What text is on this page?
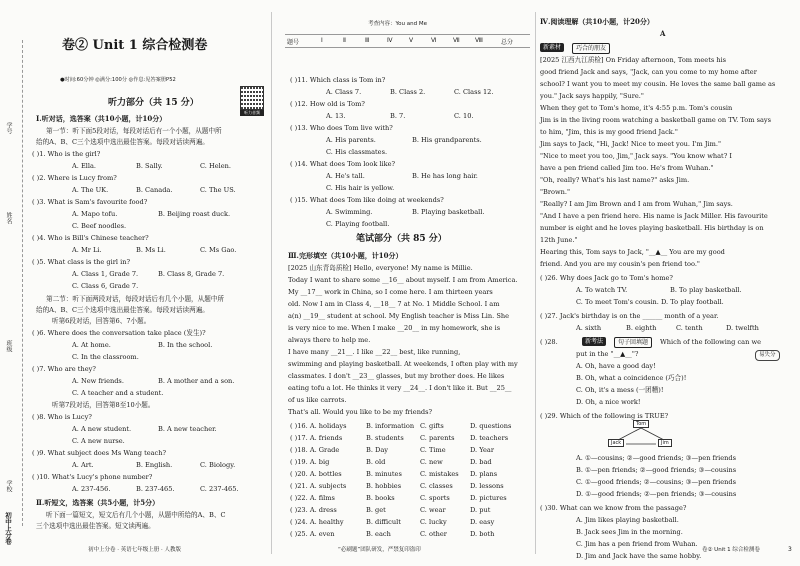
学号
姓名
班级
学校
初中上分卷
卷② Unit 1 综合检测卷
●时间:60分钟 ◎满分:100分 ◎作息:见答案册P52
听力音频
听力部分（共 15 分）
Ⅰ.听对话，选答案（共10小题，计10分）
第一节：听下面5段对话，每段对话后有一个小题，从题中所
给的A、B、C三个选项中选出最佳答案。每段对话读两遍。
( )1. Who is the girl?
A. Ella.	B. Sally.	C. Helen.
( )2. Where is Lucy from?
A. The UK.	B. Canada.	C. The US.
( )3. What is Sam's favourite food?
A. Mapo tofu.	B. Beijing roast duck.
C. Beef noodles.
( )4. Who is Bill's Chinese teacher?
A. Mr Li.	B. Ms Li.	C. Ms Gao.
( )5. What class is the girl in?
A. Class 1, Grade 7.	B. Class 8, Grade 7.
C. Class 6, Grade 7.
第二节：听下面两段对话，每段对话后有几个小题，从题中所
给的A、B、C三个选项中选出最佳答案。每段对话读两遍。
听第6段对话，回答第6、7小题。
( )6. Where does the conversation take place (发生)?
A. At home.	B. In the school.
C. In the classroom.
( )7. Who are they?
A. New friends.	B. A mother and a son.
C. A teacher and a student.
听第7段对话，回答第8至10小题。
( )8. Who is Lucy?
A. A new student.	B. A new teacher.
C. A new nurse.
( )9. What subject does Ms Wang teach?
A. Art.	B. English.	C. Biology.
( )10. What's Lucy's phone number?
A. 237-456.	B. 237-465.	C. 237-465.
Ⅱ.听短文，选答案（共5小题，计5分）
听下面一篇短文，短文后有几个小题，从题中所给的A、B、C
三个选项中选出最佳答案。短文读两遍。
初中上分卷 · 英语七年级上册 · 人教版
考查内容：You and Me
题号	Ⅰ	Ⅱ	Ⅲ	Ⅳ	Ⅴ	Ⅵ	Ⅶ	Ⅷ	总分
( )11. Which class is Tom in?
A. Class 7.	B. Class 2.	C. Class 12.
( )12. How old is Tom?
A. 13.	B. 7.	C. 10.
( )13. Who does Tom live with?
A. His parents.	B. His grandparents.
C. His classmates.
( )14. What does Tom look like?
A. He's tall.	B. He has long hair.
C. His hair is yellow.
( )15. What does Tom like doing at weekends?
A. Swimming.	B. Playing basketball.
C. Playing football.
笔试部分（共 85 分）
Ⅲ.完形填空（共10小题，计10分）
[2025 山东青岛质检] Hello, everyone! My name is Millie.
Today I want to share some __16__ about myself. I am from America.
My __17__ work in China, so I come here. I am thirteen years
old. Now I am in Class 4, __18__ 7 at No. 1 Middle School. I am
a(n) __19__ student at school. My English teacher is Miss Lin. She
is very nice to me. When I make __20__ in my homework, she is
always there to help me.
I have many __21__. I like __22__ best, like running,
swimming and playing basketball. At weekends, I often play with my
classmates. I don't __23__ glasses, but my brother does. He likes
eating tofu a lot. He thinks it very __24__. I don't like it. But __25__
of us like carrots.
That's all. Would you like to be my friends?
( )16. A. holidays	B. information C. gifts	D. questions
( )17. A. friends	B. students C. parents D. teachers
( )18. A. Grade	B. Day	C. Time	D. Year
( )19. A. big	B. old	C. new	D. bad
( )20. A. bottles	B. minutes	C. mistakes D. plans
( )21. A. subjects	B. hobbies	C. classes	D. lessons
( )22. A. films	B. books	C. sports	D. pictures
( )23. A. dress	B. get	C. wear	D. put
( )24. A. healthy	B. difficult	C. lucky	D. easy
( )25. A. even	B. each	C. other	D. both
“必刷题”团队研发，严禁复印盗印
Ⅳ.阅读理解（共10小题，计20分）
A
新素材	巧合的朋友
[2025 江西九江质检] On Friday afternoon, Tom meets his
good friend Jack and says, "Jack, can you come to my home after
school? I want you to meet my cousin. He loves the same ball game as
you." Jack says happily, "Sure."
When they get to Tom's home, it's 4:55 p.m. Tom's cousin
Jim is in the living room watching a basketball game on TV. Tom says
to him, "Jim, this is my good friend Jack."
Jim says to Jack, "Hi, Jack! Nice to meet you. I'm Jim."
"Nice to meet you too, Jim," Jack says. "You know what? I
have a pen friend called Jim too. He's from Wuhan."
"Oh, really? What's his last name?" asks Jim.
"Brown."
"Really? I am Jim Brown and I am from Wuhan," Jim says.
"And I have a pen friend here. His name is Jack Miller. His favourite
number is eight and he loves playing basketball. His birthday is on
12th June."
Hearing this, Tom says to Jack, "__▲__ You are my good
friend. And you are my cousin's pen friend too."
( )26. Why does Jack go to Tom's home?
A. To watch TV.	B. To play basketball.
C. To meet Tom's cousin. D. To play football.
( )27. Jack's birthday is on the ______ month of a year.
A. sixth	B. eighth	C. tenth	D. twelfth
( )28.	新考法	句子回填题	Which of the following can we
put in the "__▲__"?	易失分
A. Oh, have a good day!
B. Oh, what a coincidence (巧合)!
C. Oh, it's a mess (一团糟)!
D. Oh, a nice work!
( )29. Which of the following is TRUE?
Tom
Jack	Jim
A. ①—cousins; ②—good friends; ③—pen friends
B. ①—pen friends; ②—good friends; ③—cousins
C. ①—good friends; ②—cousins; ③—pen friends
D. ①—good friends; ②—pen friends; ③—cousins
( )30. What can we know from the passage?
A. Jim likes playing basketball.
B. Jack sees Jim in the morning.
C. Jim has a pen friend from Wuhan.
D. Jim and Jack have the same hobby.
卷② Unit 1 综合检测卷	3
